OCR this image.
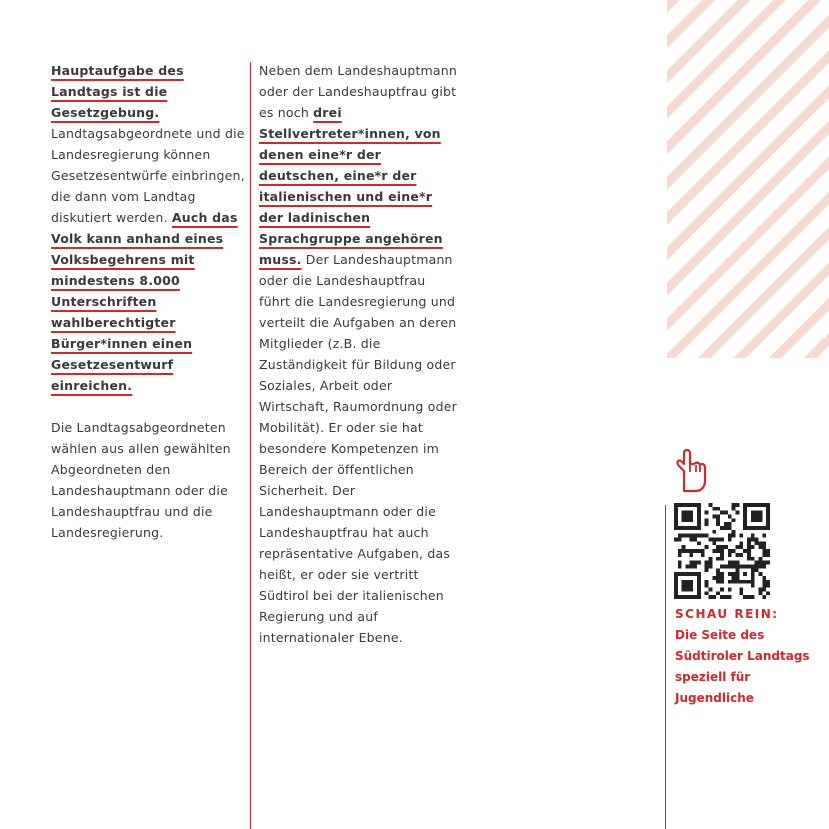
Hauptaufgabe des Landtags ist die Gesetzgebung. Landtagsabgeordnete und die Landesregierung können Gesetzesentwürfe einbringen, die dann vom Landtag diskutiert werden. Auch das Volk kann anhand eines Volksbegehrens mit mindestens 8.000 Unterschriften wahlberechtigter Bürger*innen einen Gesetzesentwurf einreichen.

Die Landtagsabgeordneten wählen aus allen gewählten Abgeordneten den Landeshauptmann oder die Landeshauptfrau und die Landesregierung.

Neben dem Landeshauptmann oder der Landeshauptfrau gibt es noch drei Stellvertreter*innen, von denen eine*r der deutschen, eine*r der italienischen und eine*r der ladinischen Sprachgruppe angehören muss. Der Landeshauptmann oder die Landeshauptfrau führt die Landesregierung und verteilt die Aufgaben an deren Mitglieder (z.B. die Zuständigkeit für Bildung oder Soziales, Arbeit oder Wirtschaft, Raumordnung oder Mobilität). Er oder sie hat besondere Kompetenzen im Bereich der öffentlichen Sicherheit. Der Landeshauptmann oder die Landeshauptfrau hat auch repräsentative Aufgaben, das heißt, er oder sie vertritt Südtirol bei der italienischen Regierung und auf internationaler Ebene.

SCHAU REIN:
Die Seite des Südtiroler Landtags speziell für Jugendliche
